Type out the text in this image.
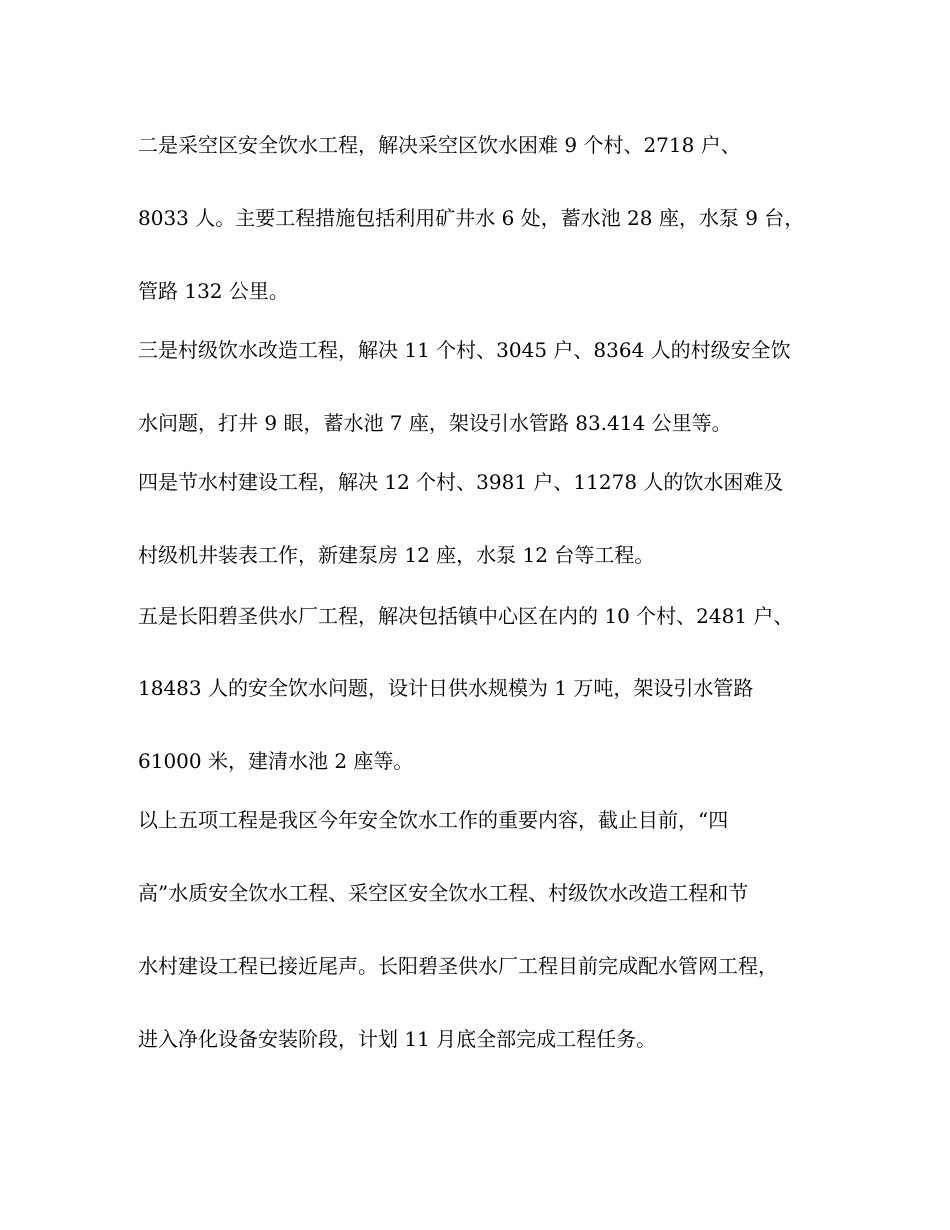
二是采空区安全饮水工程，解决采空区饮水困难 9 个村、2718 户、

8033 人。主要工程措施包括利用矿井水 6 处，蓄水池 28 座，水泵 9 台，

管路 132 公里。

三是村级饮水改造工程，解决 11 个村、3045 户、8364 人的村级安全饮

水问题，打井 9 眼，蓄水池 7 座，架设引水管路 83.414 公里等。

四是节水村建设工程，解决 12 个村、3981 户、11278 人的饮水困难及

村级机井装表工作，新建泵房 12 座，水泵 12 台等工程。

五是长阳碧圣供水厂工程，解决包括镇中心区在内的 10 个村、2481 户、

18483 人的安全饮水问题，设计日供水规模为 1 万吨，架设引水管路

61000 米，建清水池 2 座等。

以上五项工程是我区今年安全饮水工作的重要内容，截止目前，“四

高”水质安全饮水工程、采空区安全饮水工程、村级饮水改造工程和节

水村建设工程已接近尾声。长阳碧圣供水厂工程目前完成配水管网工程，

进入净化设备安装阶段，计划 11 月底全部完成工程任务。
